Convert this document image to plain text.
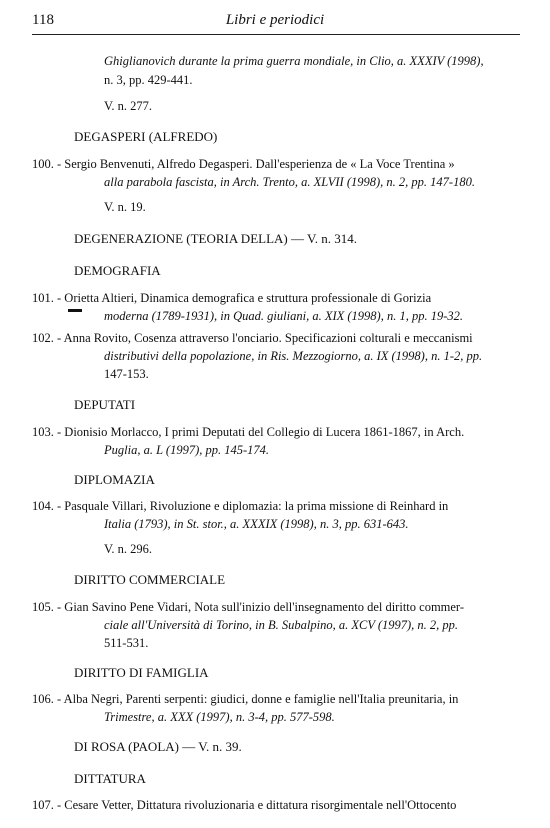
118	Libri e periodici
Ghiglianovich durante la prima guerra mondiale, in Clio, a. XXXIV (1998),
n. 3, pp. 429-441.
V. n. 277.
DEGASPERI (ALFREDO)
100. - Sergio Benvenuti, Alfredo Degasperi. Dall'esperienza de « La Voce Trentina »
alla parabola fascista, in Arch. Trento, a. XLVII (1998), n. 2, pp. 147-180.
V. n. 19.
DEGENERAZIONE (TEORIA DELLA) — V. n. 314.
DEMOGRAFIA
101. - Orietta Altieri, Dinamica demografica e struttura professionale di Gorizia
moderna (1789-1931), in Quad. giuliani, a. XIX (1998), n. 1, pp. 19-32.
102. - Anna Rovito, Cosenza attraverso l'onciario. Specificazioni colturali e meccanismi
distributivi della popolazione, in Ris. Mezzogiorno, a. IX (1998), n. 1-2, pp.
147-153.
DEPUTATI
103. - Dionisio Morlacco, I primi Deputati del Collegio di Lucera 1861-1867, in Arch.
Puglia, a. L (1997), pp. 145-174.
DIPLOMAZIA
104. - Pasquale Villari, Rivoluzione e diplomazia: la prima missione di Reinhard in
Italia (1793), in St. stor., a. XXXIX (1998), n. 3, pp. 631-643.
V. n. 296.
DIRITTO COMMERCIALE
105. - Gian Savino Pene Vidari, Nota sull'inizio dell'insegnamento del diritto commer-
ciale all'Università di Torino, in B. Subalpino, a. XCV (1997), n. 2, pp.
511-531.
DIRITTO DI FAMIGLIA
106. - Alba Negri, Parenti serpenti: giudici, donne e famiglie nell'Italia preunitaria, in
Trimestre, a. XXX (1997), n. 3-4, pp. 577-598.
DI ROSA (PAOLA) — V. n. 39.
DITTATURA
107. - Cesare Vetter, Dittatura rivoluzionaria e dittatura risorgimentale nell'Ottocento
